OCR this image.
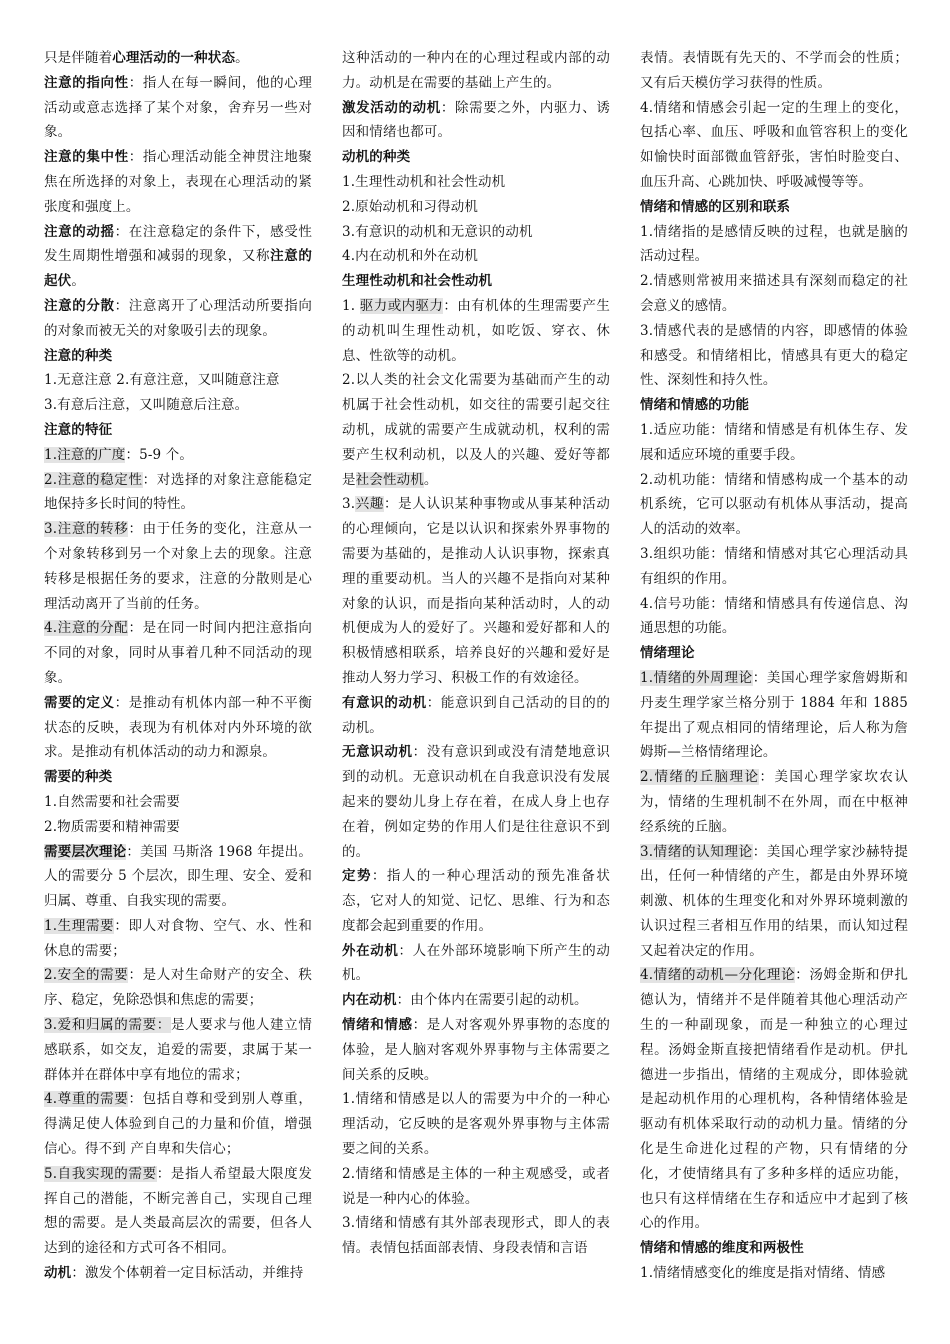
只是伴随着心理活动的一种状态。

注意的指向性：指人在每一瞬间，他的心理活动或意志选择了某个对象，舍弃另一些对象。

注意的集中性：指心理活动能全神贯注地聚焦在所选择的对象上，表现在心理活动的紧张度和强度上。

注意的动摇：在注意稳定的条件下，感受性发生周期性增强和减弱的现象，又称注意的起伏。

注意的分散：注意离开了心理活动所要指向的对象而被无关的对象吸引去的现象。

注意的种类

1.无意注意 2.有意注意，又叫随意注意

3.有意后注意，又叫随意后注意。

注意的特征

1.注意的广度：5-9 个。

2.注意的稳定性：对选择的对象注意能稳定地保持多长时间的特性。

3.注意的转移：由于任务的变化，注意从一个对象转移到另一个对象上去的现象。注意转移是根据任务的要求，注意的分散则是心理活动离开了当前的任务。

4.注意的分配：是在同一时间内把注意指向不同的对象，同时从事着几种不同活动的现象。

需要的定义：是推动有机体内部一种不平衡状态的反映，表现为有机体对内外环境的欲求。是推动有机体活动的动力和源泉。

需要的种类

1.自然需要和社会需要

2.物质需要和精神需要

需要层次理论：美国 马斯洛 1968 年提出。人的需要分 5 个层次，即生理、安全、爱和归属、尊重、自我实现的需要。

1.生理需要：即人对食物、空气、水、性和休息的需要；

2.安全的需要：是人对生命财产的安全、秩序、稳定，免除恐惧和焦虑的需要；

3.爱和归属的需要：是人要求与他人建立情感联系，如交友，追爱的需要，隶属于某一群体并在群体中享有地位的需求；

4.尊重的需要：包括自尊和受到别人尊重，得满足使人体验到自己的力量和价值，增强信心。得不到 产自卑和失信心；

5.自我实现的需要：是指人希望最大限度发挥自己的潜能，不断完善自己，实现自己理想的需要。是人类最高层次的需要，但各人达到的途径和方式可各不相同。

动机：激发个体朝着一定目标活动，并维持

这种活动的一种内在的心理过程或内部的动力。动机是在需要的基础上产生的。

激发活动的动机：除需要之外，内驱力、诱因和情绪也都可。

动机的种类

1.生理性动机和社会性动机

2.原始动机和习得动机

3.有意识的动机和无意识的动机

4.内在动机和外在动机

生理性动机和社会性动机

1. 驱力或内驱力：由有机体的生理需要产生的动机叫生理性动机，如吃饭、穿衣、休息、性欲等的动机。

2.以人类的社会文化需要为基础而产生的动机属于社会性动机，如交往的需要引起交往动机，成就的需要产生成就动机，权利的需要产生权利动机，以及人的兴趣、爱好等都是社会性动机。

3.兴趣：是人认识某种事物或从事某种活动的心理倾向，它是以认识和探索外界事物的需要为基础的，是推动人认识事物，探索真理的重要动机。当人的兴趣不是指向对某种对象的认识，而是指向某种活动时，人的动机便成为人的爱好了。兴趣和爱好都和人的积极情感相联系，培养良好的兴趣和爱好是推动人努力学习、积极工作的有效途径。

有意识的动机：能意识到自己活动的目的的动机。

无意识动机：没有意识到或没有清楚地意识到的动机。无意识动机在自我意识没有发展起来的婴幼儿身上存在着，在成人身上也存在着，例如定势的作用人们是往往意识不到的。

定势：指人的一种心理活动的预先准备状态，它对人的知觉、记忆、思维、行为和态度都会起到重要的作用。

外在动机：人在外部环境影响下所产生的动机。

内在动机：由个体内在需要引起的动机。

情绪和情感：是人对客观外界事物的态度的体验，是人脑对客观外界事物与主体需要之间关系的反映。

1.情绪和情感是以人的需要为中介的一种心理活动，它反映的是客观外界事物与主体需要之间的关系。

2.情绪和情感是主体的一种主观感受，或者说是一种内心的体验。

3.情绪和情感有其外部表现形式，即人的表情。表情包括面部表情、身段表情和言语

表情。表情既有先天的、不学而会的性质；又有后天模仿学习获得的性质。

4.情绪和情感会引起一定的生理上的变化，包括心率、血压、呼吸和血管容积上的变化如愉快时面部微血管舒张，害怕时脸变白、血压升高、心跳加快、呼吸减慢等等。

情绪和情感的区别和联系

1.情绪指的是感情反映的过程，也就是脑的活动过程。

2.情感则常被用来描述具有深刻而稳定的社会意义的感情。

3.情感代表的是感情的内容，即感情的体验和感受。和情绪相比，情感具有更大的稳定性、深刻性和持久性。

情绪和情感的功能

1.适应功能：情绪和情感是有机体生存、发展和适应环境的重要手段。

2.动机功能：情绪和情感构成一个基本的动机系统，它可以驱动有机体从事活动，提高人的活动的效率。

3.组织功能：情绪和情感对其它心理活动具有组织的作用。

4.信号功能：情绪和情感具有传递信息、沟通思想的功能。

情绪理论

1.情绪的外周理论：美国心理学家詹姆斯和丹麦生理学家兰格分别于 1884 年和 1885 年提出了观点相同的情绪理论，后人称为詹姆斯—兰格情绪理论。

2.情绪的丘脑理论：美国心理学家坎农认为，情绪的生理机制不在外周，而在中枢神经系统的丘脑。

3.情绪的认知理论：美国心理学家沙赫特提出，任何一种情绪的产生，都是由外界环境刺激、机体的生理变化和对外界环境刺激的认识过程三者相互作用的结果，而认知过程又起着决定的作用。

4.情绪的动机—分化理论：汤姆金斯和伊扎德认为，情绪并不是伴随着其他心理活动产生的一种副现象，而是一种独立的心理过程。汤姆金斯直接把情绪看作是动机。伊扎德进一步指出，情绪的主观成分，即体验就是起动机作用的心理机构，各种情绪体验是驱动有机体采取行动的动机力量。情绪的分化是生命进化过程的产物，只有情绪的分化，才使情绪具有了多种多样的适应功能，也只有这样情绪在生存和适应中才起到了核心的作用。

情绪和情感的维度和两极性

1.情绪情感变化的维度是指对情绪、情感
